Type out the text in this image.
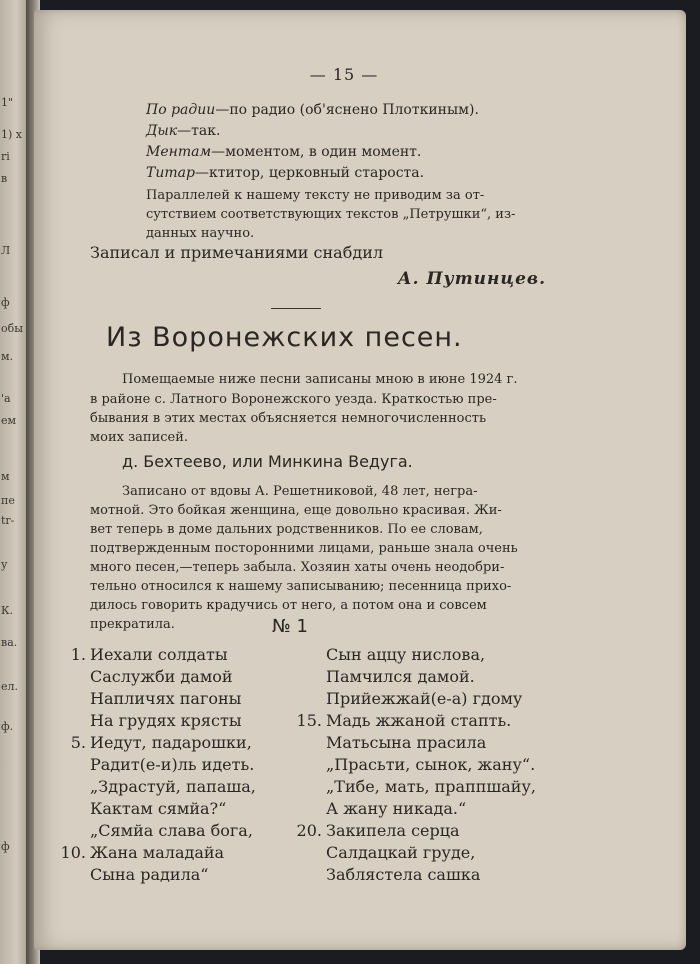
1"
1) х
ri
в
Л
ф
обы
м.
'а
ем
м
пе
tr-
у
К.
ва.
ел.
ф.
ф
— 15 —
По радии—по радио (об'яснено Плоткиным).
Дык—так.
Ментам—моментом, в один момент.
Титар—ктитор, церковный староста.
Параллелей к нашему тексту не приводим за от-
сутствием соответствующих текстов „Петрушки“, из-
данных научно.
Записал и примечаниями снабдил
А. Путинцев.
Из Воронежских песен.
Помещаемые ниже песни записаны мною в июне 1924 г.
в районе с. Латного Воронежского уезда. Краткостью пре-
бывания в этих местах объясняется немногочисленность
моих записей.
д. Бехтеево, или Минкина Ведуга.
Записано от вдовы А. Решетниковой, 48 лет, негра-
мотной. Это бойкая женщина, еще довольно красивая. Жи-
вет теперь в доме дальних родственников. По ее словам,
подтвержденным посторонними лицами, раньше знала очень
много песен,—теперь забыла. Хозяин хаты очень неодобри-
тельно относился к нашему записыванию; песенница прихо-
дилось говорить крадучись от него, а потом она и совсем
прекратила.	№ 1
1. Иехали солдаты
Сaслужби дамой
Напличях пагоны
На грудях крясты
5. Иедут, падарошки,
Радит(е-и)ль идеть.
„Здрастуй, папаша,
Кактам сямйа?“
„Сямйа слава бога,
10. Жана маладайа
Сына радила“
Сын аццу нислова,
Памчился дамой.
Прийежжай(е-а) гдому
15. Мадь жжаной стапть.
Матьсына прасила
„Прасьти, сынок, жану“.
„Тибе, мать, праппшайу,
А жану никада.“
20. Закипела серца
Салдацкай груде,
Заблястела сашка
